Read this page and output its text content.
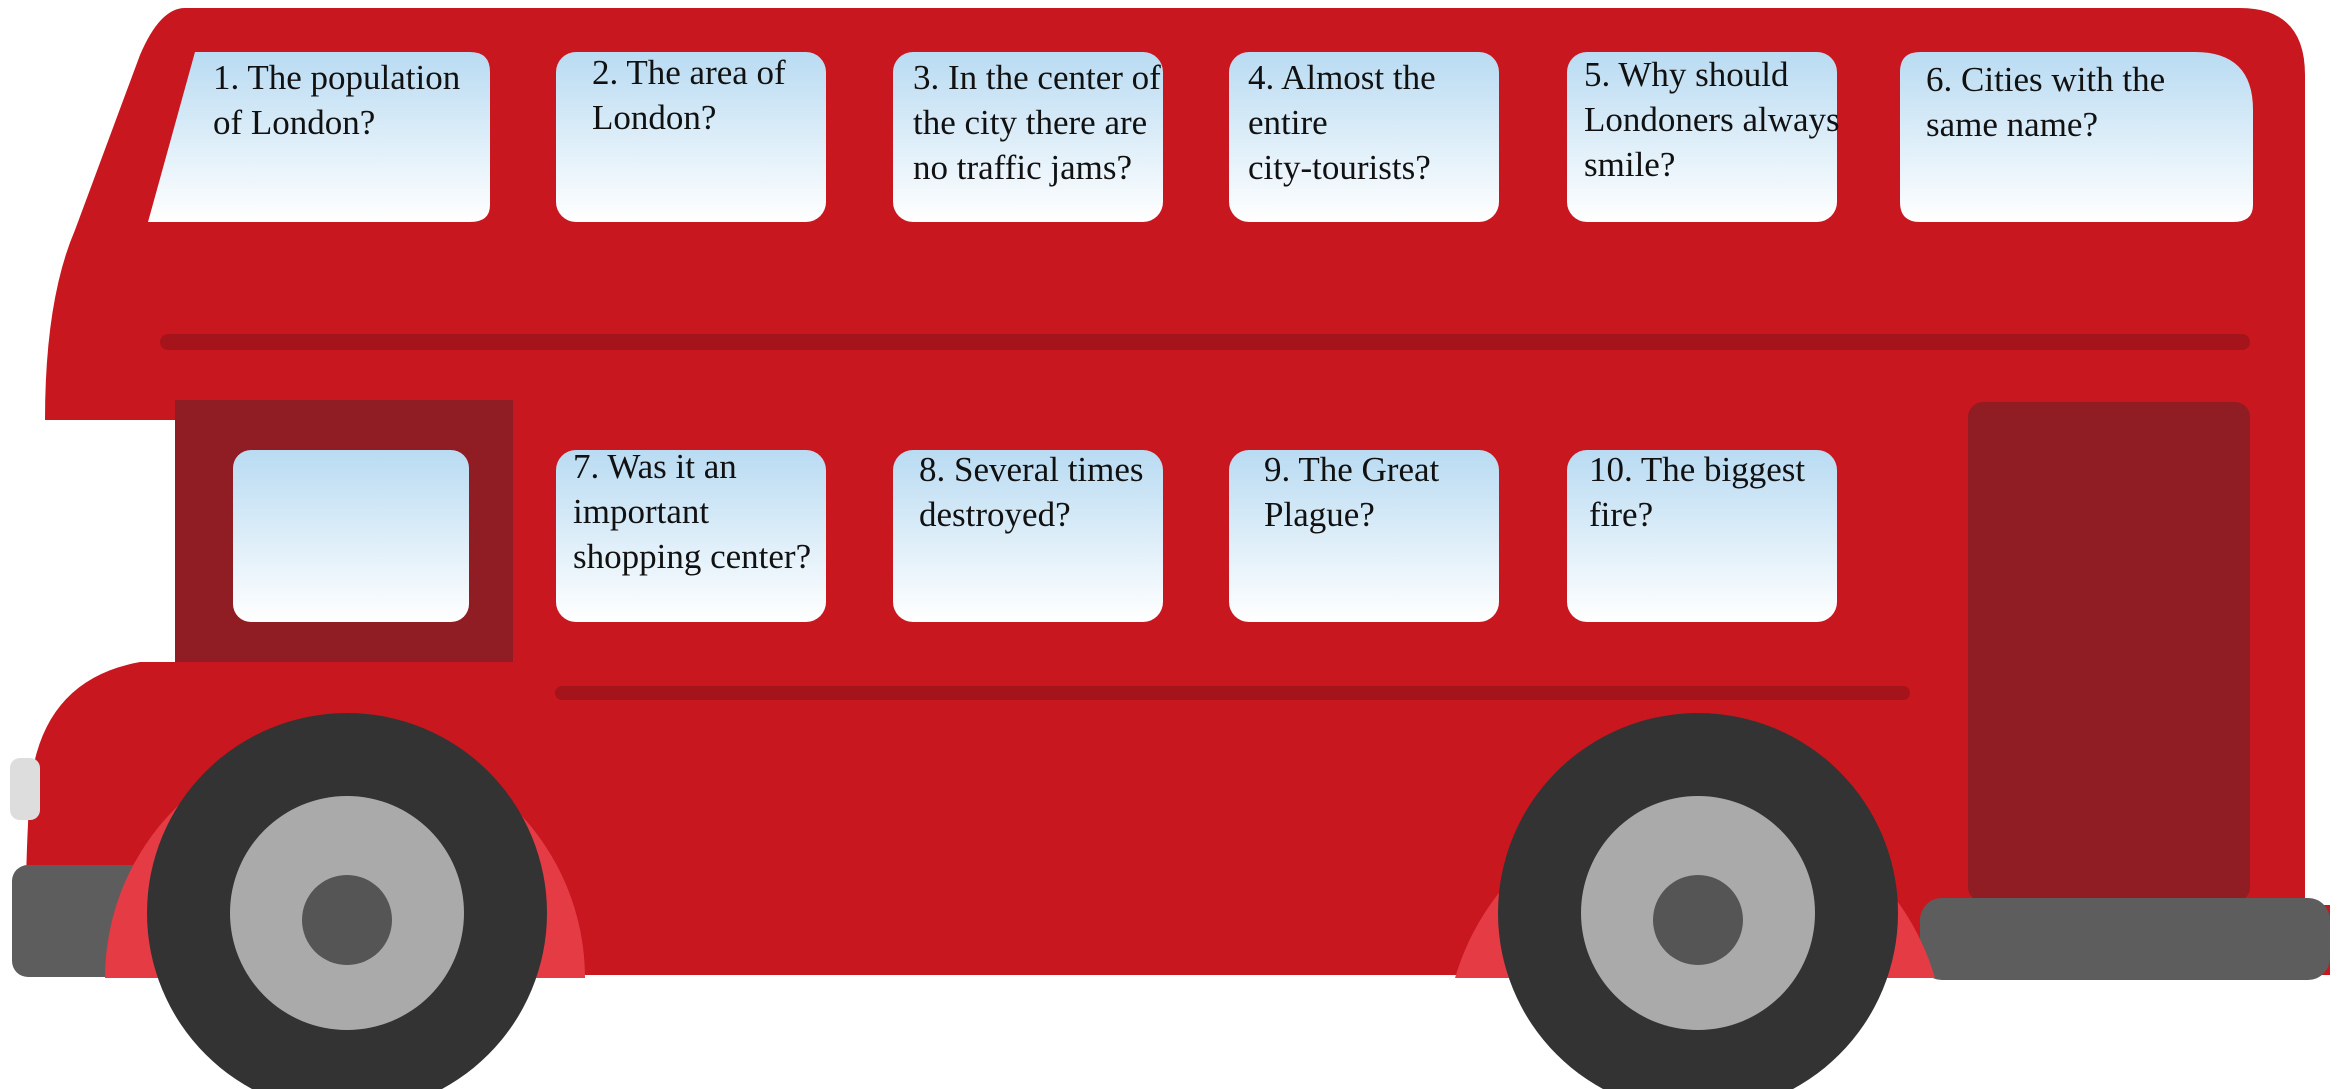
1. The population
of London?
2. The area of
London?
3. In the center of
the city there are
no traffic jams?
4. Almost the
entire
city-tourists?
5. Why should
Londoners always
smile?
6. Cities with the
same name?
7. Was it an
important
shopping center?
8. Several times
destroyed?
9. The Great
Plague?
10. The biggest
fire?
